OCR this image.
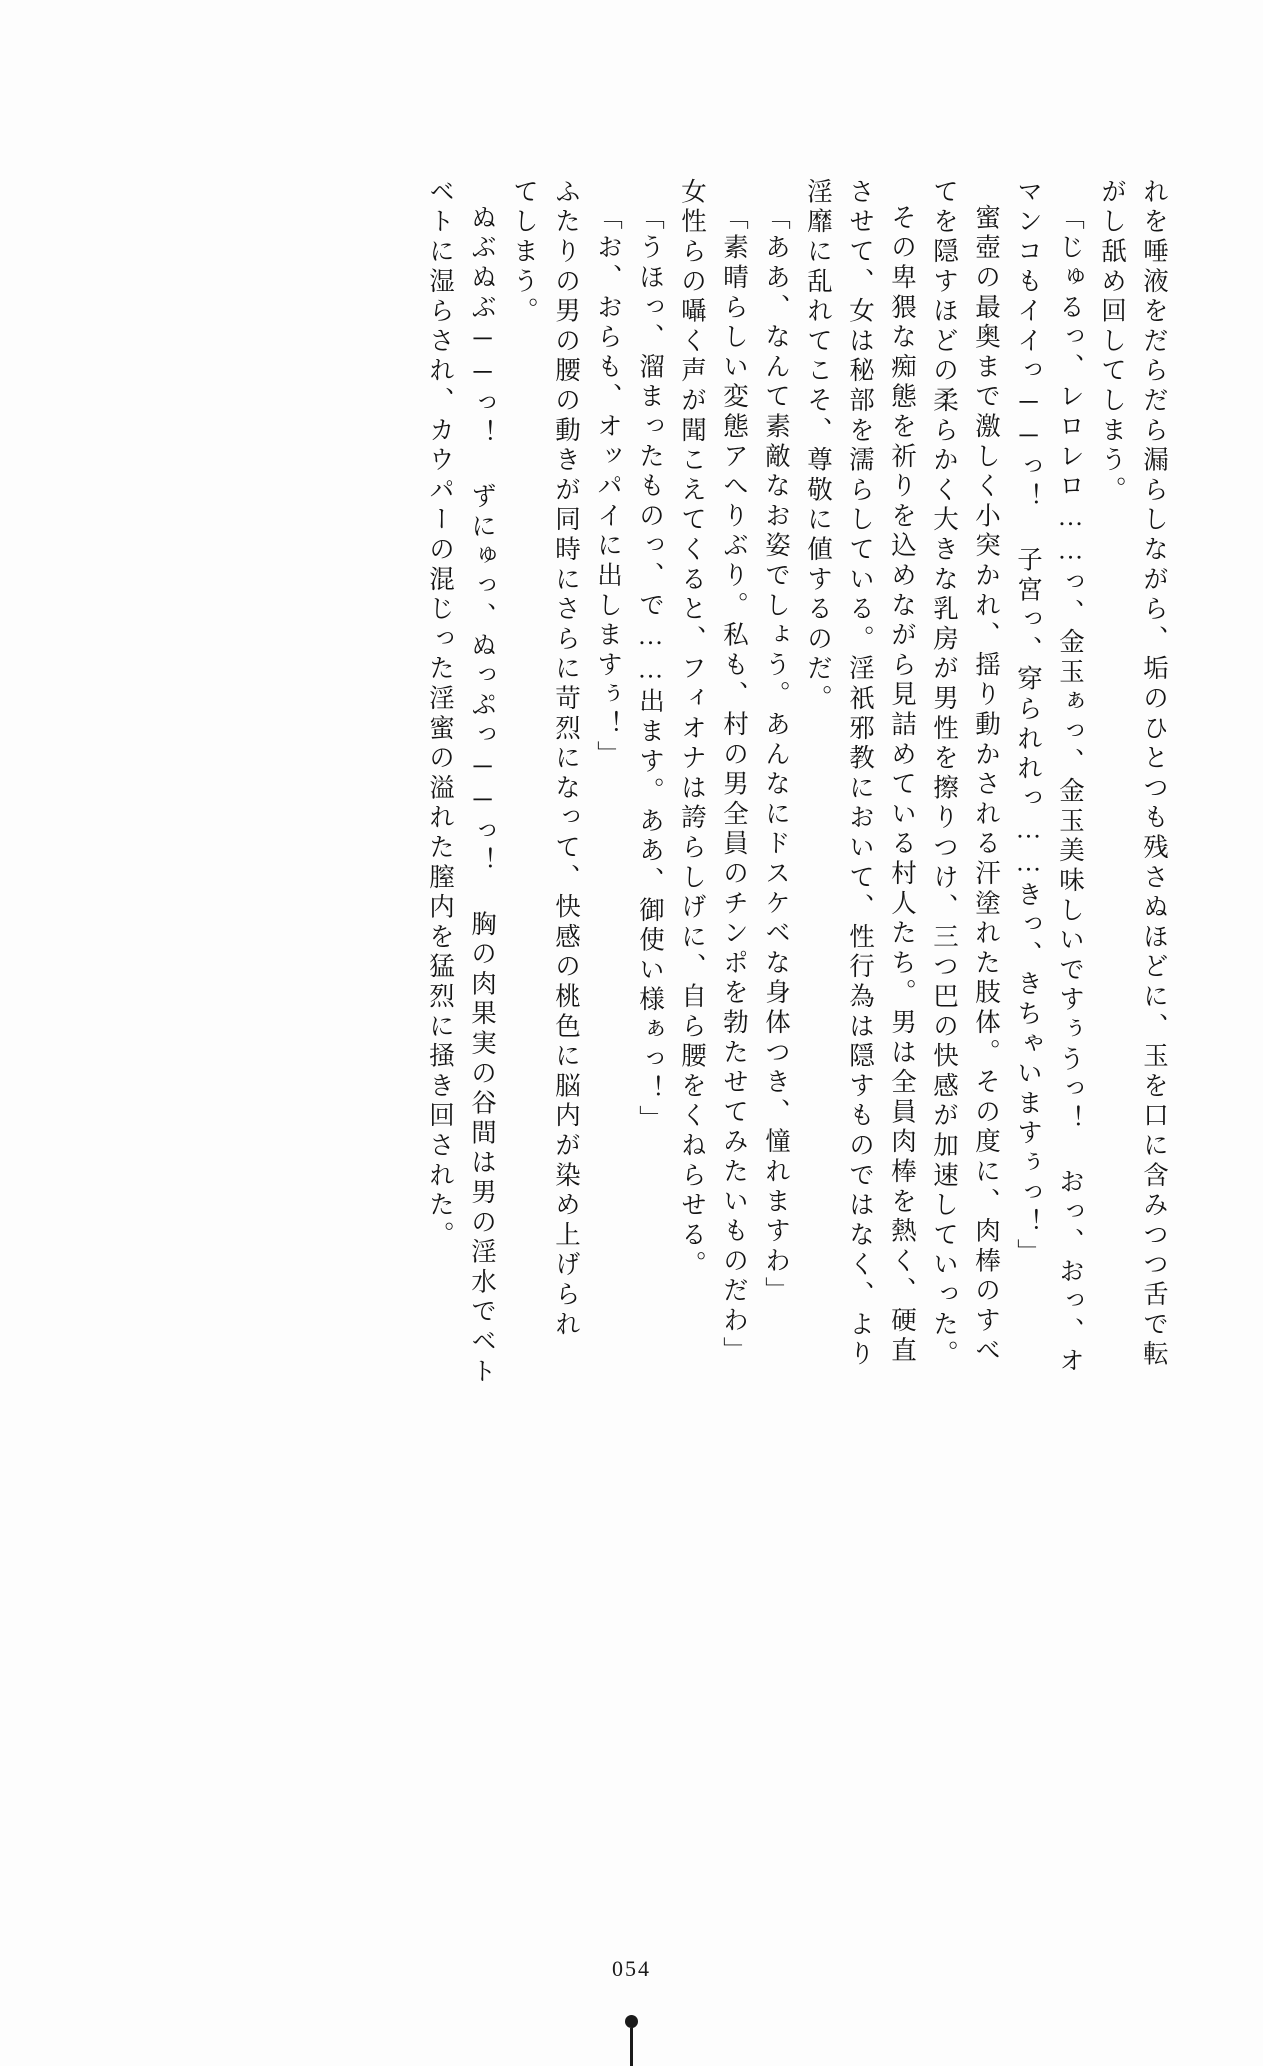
れを唾液をだらだら漏らしながら、垢のひとつも残さぬほどに、玉を口に含みつつ舌で転
がし舐め回してしまう。
「じゅるっ、レロレロ……っ、金玉ぁっ、金玉美味しいですぅうっ！ おっ、おっ、オ
マンコもイイっ──っ！ 子宮っ、穿られれっ……きっ、きちゃいますぅっ！」
蜜壺の最奥まで激しく小突かれ、揺り動かされる汗塗れた肢体。その度に、肉棒のすべ
てを隠すほどの柔らかく大きな乳房が男性を擦りつけ、三つ巴の快感が加速していった。
その卑猥な痴態を祈りを込めながら見詰めている村人たち。男は全員肉棒を熱く、硬直
させて、女は秘部を濡らしている。淫祇邪教において、性行為は隠すものではなく、より
淫靡に乱れてこそ、尊敬に値するのだ。
「ああ、なんて素敵なお姿でしょう。あんなにドスケベな身体つき、憧れますわ」
「素晴らしい変態アへりぶり。私も、村の男全員のチンポを勃たせてみたいものだわ」
女性らの囁く声が聞こえてくると、フィオナは誇らしげに、自ら腰をくねらせる。
「うほっ、溜まったものっ、で……出ます。ああ、御使い様ぁっ！」
「お、おらも、オッパイに出しますぅ！」
ふたりの男の腰の動きが同時にさらに苛烈になって、快感の桃色に脳内が染め上げられ
てしまう。
ぬぶぬぶ──っ！ ずにゅっ、ぬっぷっ──っ！ 胸の肉果実の谷間は男の淫水でベト
ベトに湿らされ、カウパーの混じった淫蜜の溢れた膣内を猛烈に掻き回された。
054
